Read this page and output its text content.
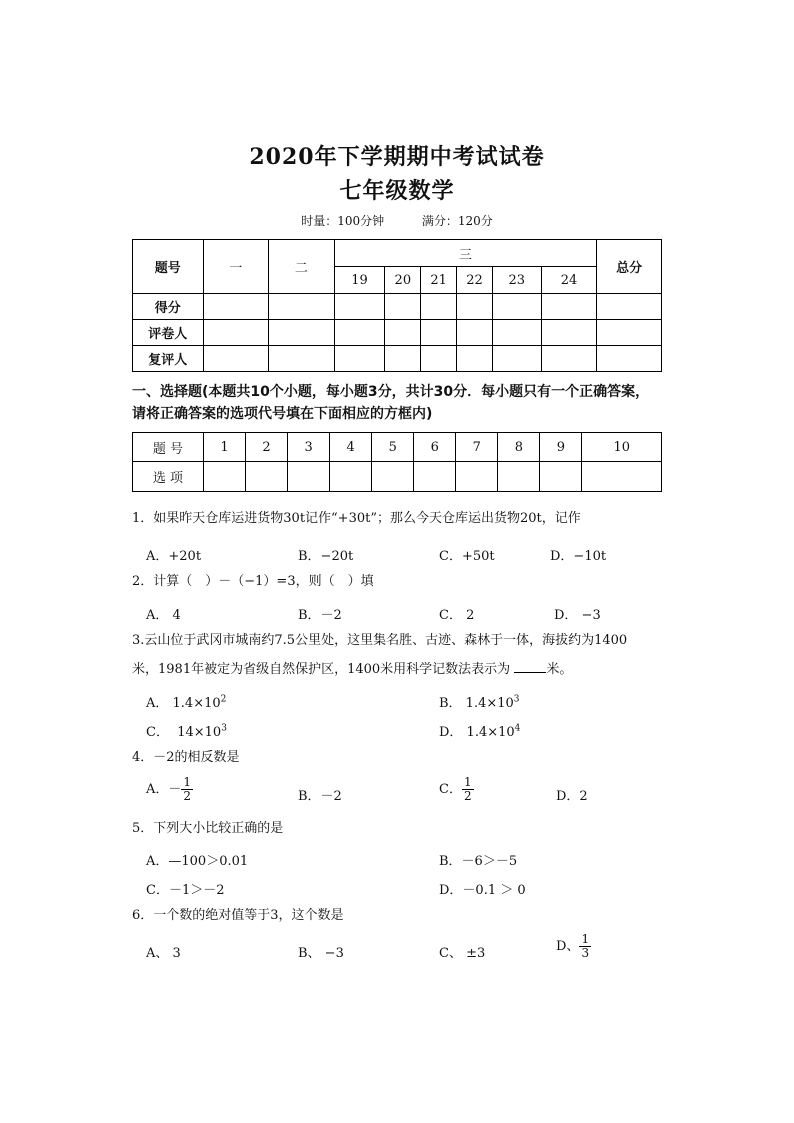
2020年下学期期中考试试卷
七年级数学
时量：100分钟	满分：120分
题号	一	二	三						总分
			19	20	21	22	23	24	
得分									
评卷人									
复评人									
一、选择题(本题共10个小题，每小题3分，共计30分．每小题只有一个正确答案，
请将正确答案的选项代号填在下面相应的方框内)
题 号	1	2	3	4	5	6	7	8	9	10
选 项										
1．如果昨天仓库运进货物30t记作“+30t”；那么今天仓库运出货物20t，记作
A．+20t	B．−20t	C．+50t	D．−10t
2．计算（　）－（−1）=3，则（　）填
A． 4	B．－2	C． 2	D． −3
3.云山位于武冈市城南约7.5公里处，这里集名胜、古迹、森林于一体，海拔约为1400
米，1981年被定为省级自然保护区，1400米用科学记数法表示为	米。
A． $1.4\times 10^2$	B． $1.4\times 10^3$
C．  $14\times 10^3$	D． $1.4\times 10^4$
4．－2的相反数是
A．－ $\frac{1}{2}$	B．－2	C． $\frac{1}{2}$	D．2
5．下列大小比较正确的是
A．—100＞0.01	B．－6＞－5
C．－1＞－2	D．－0.1 ＞ 0
6．一个数的绝对值等于3，这个数是
A、 3	B、 −3	C、 ±3	D、 $\frac{1}{3}$
